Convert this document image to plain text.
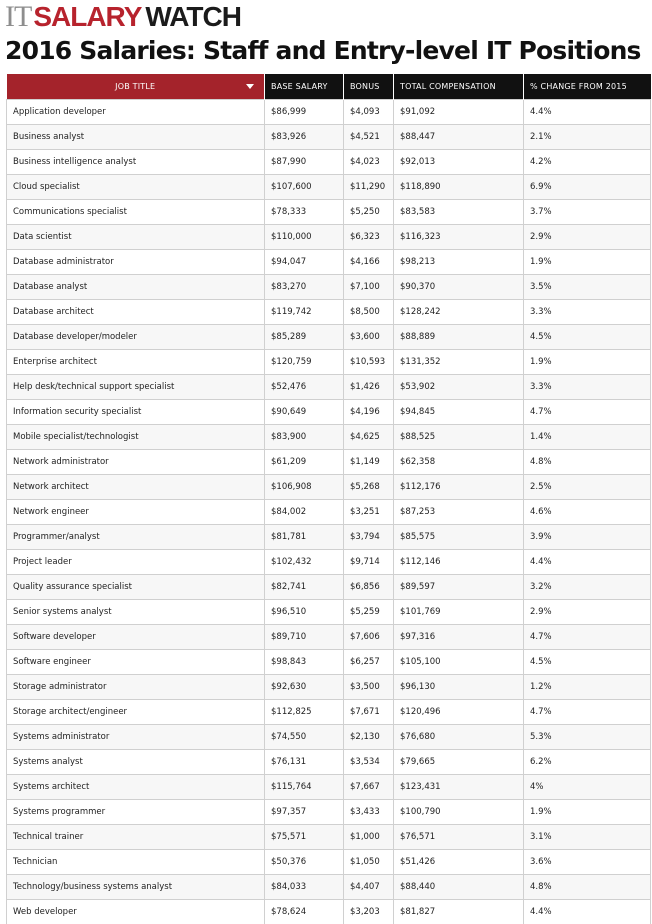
ITSALARY WATCH
2016 Salaries: Staff and Entry-level IT Positions
JOB TITLE	BASE SALARY	BONUS	TOTAL COMPENSATION	% CHANGE FROM 2015
Application developer	$86,999	$4,093	$91,092	4.4%
Business analyst	$83,926	$4,521	$88,447	2.1%
Business intelligence analyst	$87,990	$4,023	$92,013	4.2%
Cloud specialist	$107,600	$11,290	$118,890	6.9%
Communications specialist	$78,333	$5,250	$83,583	3.7%
Data scientist	$110,000	$6,323	$116,323	2.9%
Database administrator	$94,047	$4,166	$98,213	1.9%
Database analyst	$83,270	$7,100	$90,370	3.5%
Database architect	$119,742	$8,500	$128,242	3.3%
Database developer/modeler	$85,289	$3,600	$88,889	4.5%
Enterprise architect	$120,759	$10,593	$131,352	1.9%
Help desk/technical support specialist	$52,476	$1,426	$53,902	3.3%
Information security specialist	$90,649	$4,196	$94,845	4.7%
Mobile specialist/technologist	$83,900	$4,625	$88,525	1.4%
Network administrator	$61,209	$1,149	$62,358	4.8%
Network architect	$106,908	$5,268	$112,176	2.5%
Network engineer	$84,002	$3,251	$87,253	4.6%
Programmer/analyst	$81,781	$3,794	$85,575	3.9%
Project leader	$102,432	$9,714	$112,146	4.4%
Quality assurance specialist	$82,741	$6,856	$89,597	3.2%
Senior systems analyst	$96,510	$5,259	$101,769	2.9%
Software developer	$89,710	$7,606	$97,316	4.7%
Software engineer	$98,843	$6,257	$105,100	4.5%
Storage administrator	$92,630	$3,500	$96,130	1.2%
Storage architect/engineer	$112,825	$7,671	$120,496	4.7%
Systems administrator	$74,550	$2,130	$76,680	5.3%
Systems analyst	$76,131	$3,534	$79,665	6.2%
Systems architect	$115,764	$7,667	$123,431	4%
Systems programmer	$97,357	$3,433	$100,790	1.9%
Technical trainer	$75,571	$1,000	$76,571	3.1%
Technician	$50,376	$1,050	$51,426	3.6%
Technology/business systems analyst	$84,033	$4,407	$88,440	4.8%
Web developer	$78,624	$3,203	$81,827	4.4%
